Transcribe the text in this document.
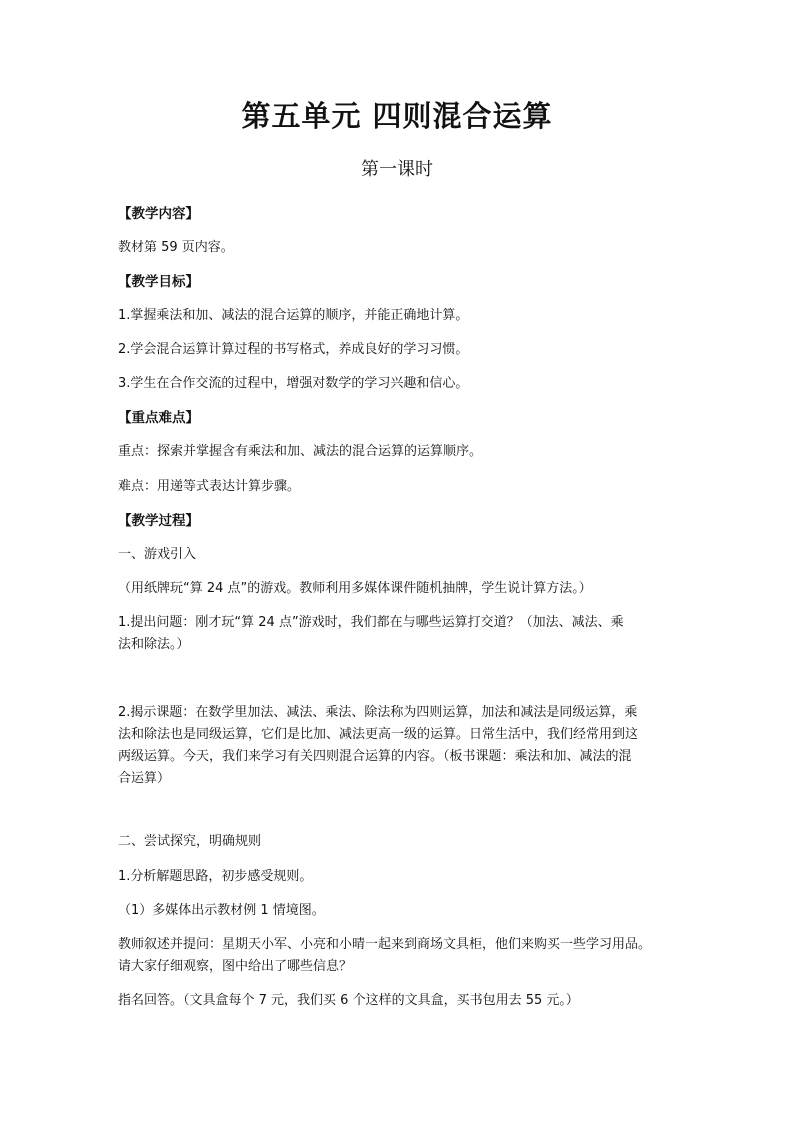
第五单元 四则混合运算
第一课时
【教学内容】
教材第 59 页内容。
【教学目标】
1.掌握乘法和加、减法的混合运算的顺序，并能正确地计算。
2.学会混合运算计算过程的书写格式，养成良好的学习习惯。
3.学生在合作交流的过程中，增强对数学的学习兴趣和信心。
【重点难点】
重点：探索并掌握含有乘法和加、减法的混合运算的运算顺序。
难点：用递等式表达计算步骤。
【教学过程】
一、游戏引入
（用纸牌玩“算 24 点”的游戏。教师利用多媒体课件随机抽牌，学生说计算方法。）
1.提出问题：刚才玩“算 24 点”游戏时，我们都在与哪些运算打交道？（加法、减法、乘
法和除法。）
2.揭示课题：在数学里加法、减法、乘法、除法称为四则运算，加法和减法是同级运算，乘
法和除法也是同级运算，它们是比加、减法更高一级的运算。日常生活中，我们经常用到这
两级运算。今天，我们来学习有关四则混合运算的内容。（板书课题：乘法和加、减法的混
合运算）
二、尝试探究，明确规则
1.分析解题思路，初步感受规则。
（1）多媒体出示教材例 1 情境图。
教师叙述并提问：星期天小军、小亮和小晴一起来到商场文具柜，他们来购买一些学习用品。
请大家仔细观察，图中给出了哪些信息？
指名回答。（文具盒每个 7 元，我们买 6 个这样的文具盒，买书包用去 55 元。）
